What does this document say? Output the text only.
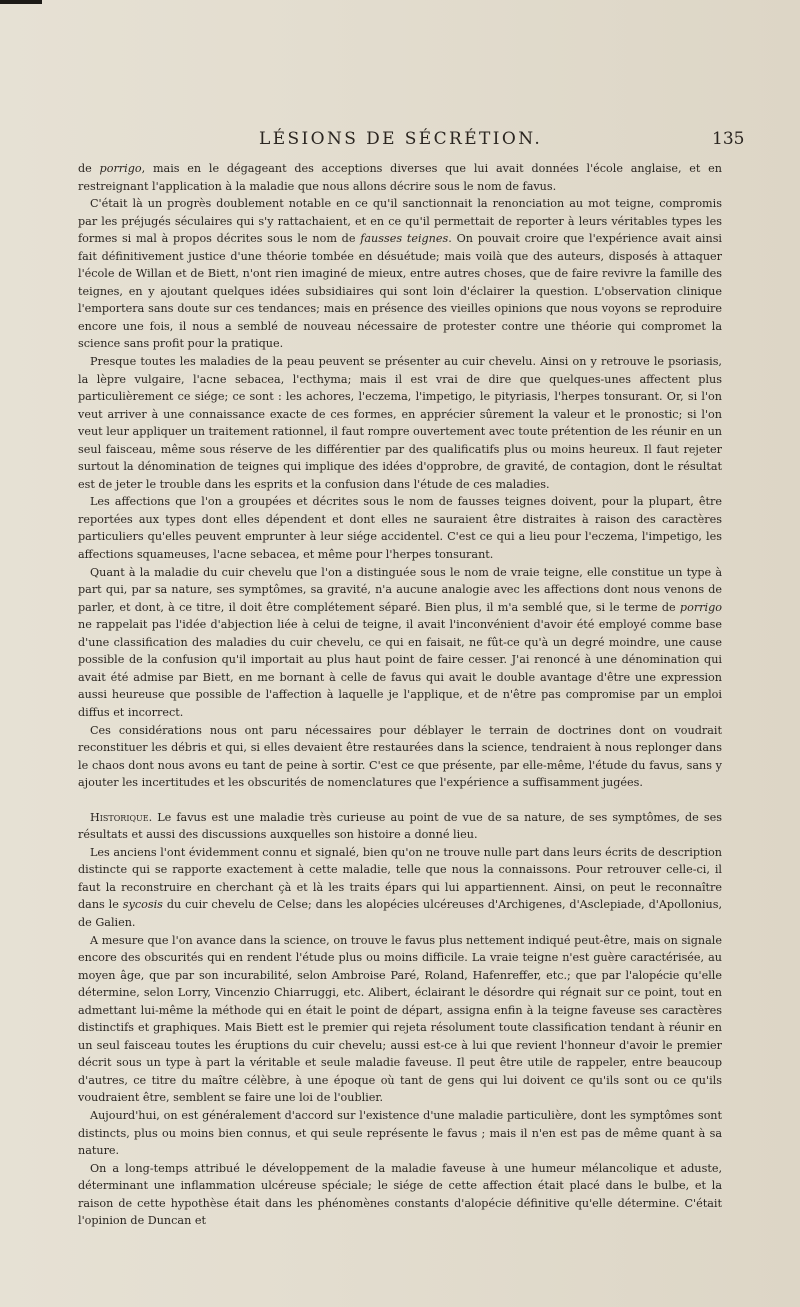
LÉSIONS DE SÉCRÉTION.	135

de porrigo, mais en le dégageant des acceptions diverses que lui avait données l'école anglaise, et en restreignant l'application à la maladie que nous allons décrire sous le nom de favus.

C'était là un progrès doublement notable en ce qu'il sanctionnait la renonciation au mot teigne, compromis par les préjugés séculaires qui s'y rattachaient, et en ce qu'il permettait de reporter à leurs véritables types les formes si mal à propos décrites sous le nom de fausses teignes. On pouvait croire que l'expérience avait ainsi fait définitivement justice d'une théorie tombée en désuétude; mais voilà que des auteurs, disposés à attaquer l'école de Willan et de Biett, n'ont rien imaginé de mieux, entre autres choses, que de faire revivre la famille des teignes, en y ajoutant quelques idées subsidiaires qui sont loin d'éclairer la question. L'observation clinique l'emportera sans doute sur ces tendances; mais en présence des vieilles opinions que nous voyons se reproduire encore une fois, il nous a semblé de nouveau nécessaire de protester contre une théorie qui compromet la science sans profit pour la pratique.

Presque toutes les maladies de la peau peuvent se présenter au cuir chevelu. Ainsi on y retrouve le psoriasis, la lèpre vulgaire, l'acne sebacea, l'ecthyma; mais il est vrai de dire que quelques-unes affectent plus particulièrement ce siége; ce sont : les achores, l'eczema, l'impetigo, le pityriasis, l'herpes tonsurant. Or, si l'on veut arriver à une connaissance exacte de ces formes, en apprécier sûrement la valeur et le pronostic; si l'on veut leur appliquer un traitement rationnel, il faut rompre ouvertement avec toute prétention de les réunir en un seul faisceau, même sous réserve de les différentier par des qualificatifs plus ou moins heureux. Il faut rejeter surtout la dénomination de teignes qui implique des idées d'opprobre, de gravité, de contagion, dont le résultat est de jeter le trouble dans les esprits et la confusion dans l'étude de ces maladies.

Les affections que l'on a groupées et décrites sous le nom de fausses teignes doivent, pour la plupart, être reportées aux types dont elles dépendent et dont elles ne sauraient être distraites à raison des caractères particuliers qu'elles peuvent emprunter à leur siége accidentel. C'est ce qui a lieu pour l'eczema, l'impetigo, les affections squameuses, l'acne sebacea, et même pour l'herpes tonsurant.

Quant à la maladie du cuir chevelu que l'on a distinguée sous le nom de vraie teigne, elle constitue un type à part qui, par sa nature, ses symptômes, sa gravité, n'a aucune analogie avec les affections dont nous venons de parler, et dont, à ce titre, il doit être complétement séparé. Bien plus, il m'a semblé que, si le terme de porrigo ne rappelait pas l'idée d'abjection liée à celui de teigne, il avait l'inconvénient d'avoir été employé comme base d'une classification des maladies du cuir chevelu, ce qui en faisait, ne fût-ce qu'à un degré moindre, une cause possible de la confusion qu'il importait au plus haut point de faire cesser. J'ai renoncé à une dénomination qui avait été admise par Biett, en me bornant à celle de favus qui avait le double avantage d'être une expression aussi heureuse que possible de l'affection à laquelle je l'applique, et de n'être pas compromise par un emploi diffus et incorrect.

Ces considérations nous ont paru nécessaires pour déblayer le terrain de doctrines dont on voudrait reconstituer les débris et qui, si elles devaient être restaurées dans la science, tendraient à nous replonger dans le chaos dont nous avons eu tant de peine à sortir. C'est ce que présente, par elle-même, l'étude du favus, sans y ajouter les incertitudes et les obscurités de nomenclatures que l'expérience a suffisamment jugées.

Historique. Le favus est une maladie très curieuse au point de vue de sa nature, de ses symptômes, de ses résultats et aussi des discussions auxquelles son histoire a donné lieu.

Les anciens l'ont évidemment connu et signalé, bien qu'on ne trouve nulle part dans leurs écrits de description distincte qui se rapporte exactement à cette maladie, telle que nous la connaissons. Pour retrouver celle-ci, il faut la reconstruire en cherchant çà et là les traits épars qui lui appartiennent. Ainsi, on peut le reconnaître dans le sycosis du cuir chevelu de Celse; dans les alopécies ulcéreuses d'Archigenes, d'Asclepiade, d'Apollonius, de Galien.

A mesure que l'on avance dans la science, on trouve le favus plus nettement indiqué peut-être, mais on signale encore des obscurités qui en rendent l'étude plus ou moins difficile. La vraie teigne n'est guère caractérisée, au moyen âge, que par son incurabilité, selon Ambroise Paré, Roland, Hafenreffer, etc.; que par l'alopécie qu'elle détermine, selon Lorry, Vincenzio Chiarruggi, etc. Alibert, éclairant le désordre qui régnait sur ce point, tout en admettant lui-même la méthode qui en était le point de départ, assigna enfin à la teigne faveuse ses caractères distinctifs et graphiques. Mais Biett est le premier qui rejeta résolument toute classification tendant à réunir en un seul faisceau toutes les éruptions du cuir chevelu; aussi est-ce à lui que revient l'honneur d'avoir le premier décrit sous un type à part la véritable et seule maladie faveuse. Il peut être utile de rappeler, entre beaucoup d'autres, ce titre du maître célèbre, à une époque où tant de gens qui lui doivent ce qu'ils sont ou ce qu'ils voudraient être, semblent se faire une loi de l'oublier.

Aujourd'hui, on est généralement d'accord sur l'existence d'une maladie particulière, dont les symptômes sont distincts, plus ou moins bien connus, et qui seule représente le favus ; mais il n'en est pas de même quant à sa nature.

On a long-temps attribué le développement de la maladie faveuse à une humeur mélancolique et aduste, déterminant une inflammation ulcéreuse spéciale; le siége de cette affection était placé dans le bulbe, et la raison de cette hypothèse était dans les phénomènes constants d'alopécie définitive qu'elle détermine. C'était l'opinion de Duncan et
